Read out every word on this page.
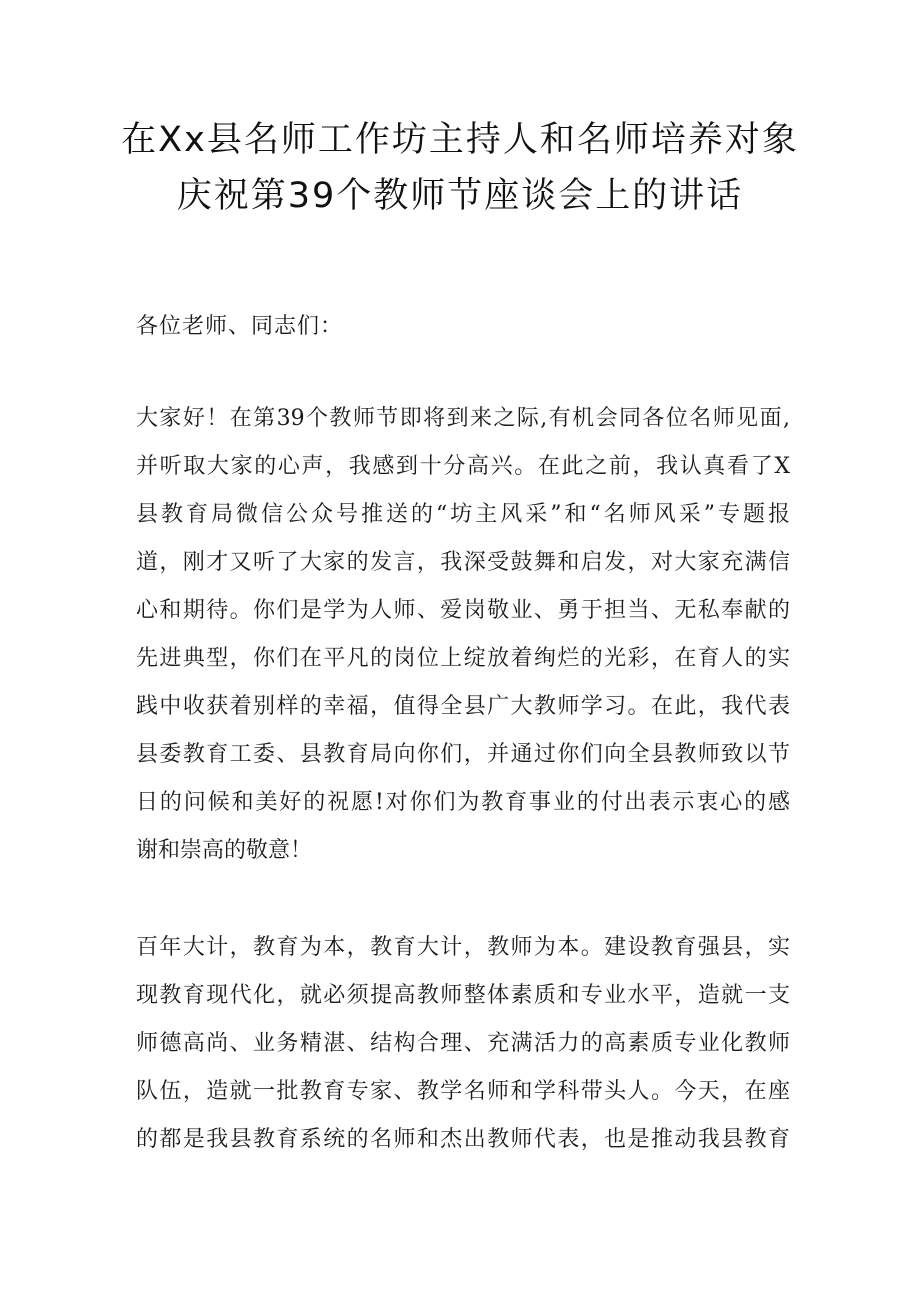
在Xx县名师工作坊主持人和名师培养对象
庆祝第39个教师节座谈会上的讲话
各位老师、同志们：
大家好！在第39个教师节即将到来之际,有机会同各位名师见面,
并听取大家的心声，我感到十分高兴。在此之前，我认真看了X
县教育局微信公众号推送的“坊主风采”和“名师风采”专题报
道，刚才又听了大家的发言，我深受鼓舞和启发，对大家充满信
心和期待。你们是学为人师、爱岗敬业、勇于担当、无私奉献的
先进典型，你们在平凡的岗位上绽放着绚烂的光彩，在育人的实
践中收获着别样的幸福，值得全县广大教师学习。在此，我代表
县委教育工委、县教育局向你们，并通过你们向全县教师致以节
日的问候和美好的祝愿!对你们为教育事业的付出表示衷心的感
谢和崇高的敬意！
百年大计，教育为本，教育大计，教师为本。建设教育强县，实
现教育现代化，就必须提高教师整体素质和专业水平，造就一支
师德高尚、业务精湛、结构合理、充满活力的高素质专业化教师
队伍，造就一批教育专家、教学名师和学科带头人。今天，在座
的都是我县教育系统的名师和杰出教师代表，也是推动我县教育
